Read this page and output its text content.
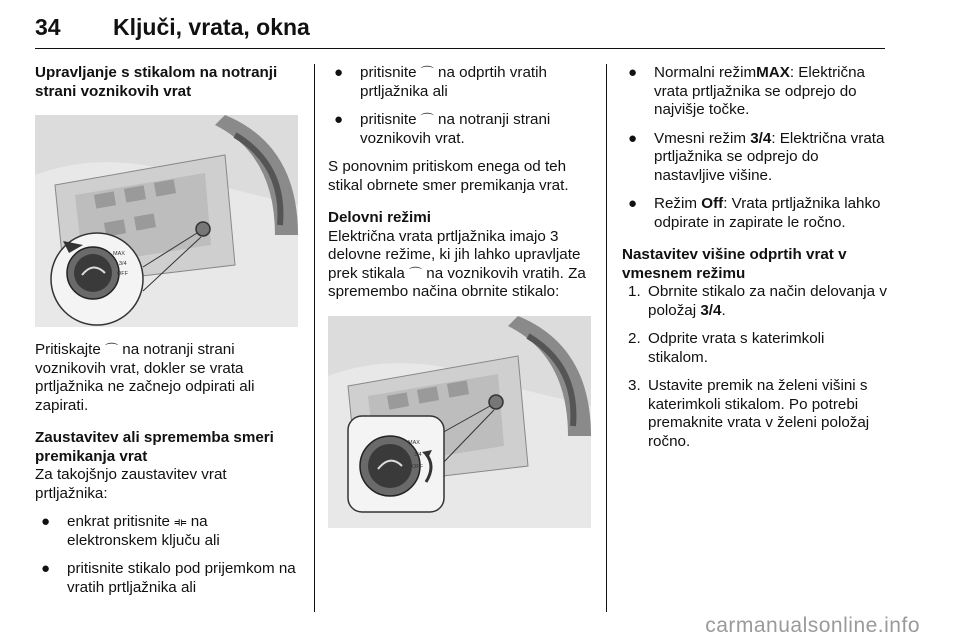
34 Ključi, vrata, okna
Upravljanje s stikalom na notranji strani voznikovih vrat
MAX
3/4
OFF

Pritiskajte ⌒ na notranji strani voznikovih vrat, dokler se vrata prtljažnika ne začnejo odpirati ali zapirati.

Zaustavitev ali sprememba smeri premikanja vrat

Za takojšnjo zaustavitev vrat prtljažnika:

● enkrat pritisnite ⟚ na elektronskem ključu ali
● pritisnite stikalo pod prijemkom na vratih prtljažnika ali
● pritisnite ⌒ na odprtih vratih prtljažnika ali
● pritisnite ⌒ na notranji strani voznikovih vrat.

S ponovnim pritiskom enega od teh stikal obrnete smer premikanja vrat.

Delovni režimi

Električna vrata prtljažnika imajo 3 delovne režime, ki jih lahko upravljate prek stikala ⌒ na voznikovih vratih. Za spremembo načina obrnite stikalo:

MAX
3/4
OFF
● Normalni režimMAX: Električna vrata prtljažnika se odprejo do najvišje točke.
● Vmesni režim 3/4: Električna vrata prtljažnika se odprejo do nastavljive višine.
● Režim Off: Vrata prtljažnika lahko odpirate in zapirate le ročno.
Nastavitev višine odprtih vrat v vmesnem režimu
1. Obrnite stikalo za način delovanja v položaj 3/4.
2. Odprite vrata s katerimkoli stikalom.
3. Ustavite premik na želeni višini s katerimkoli stikalom. Po potrebi premaknite vrata v želeni položaj ročno.
carmanualsonline.info
